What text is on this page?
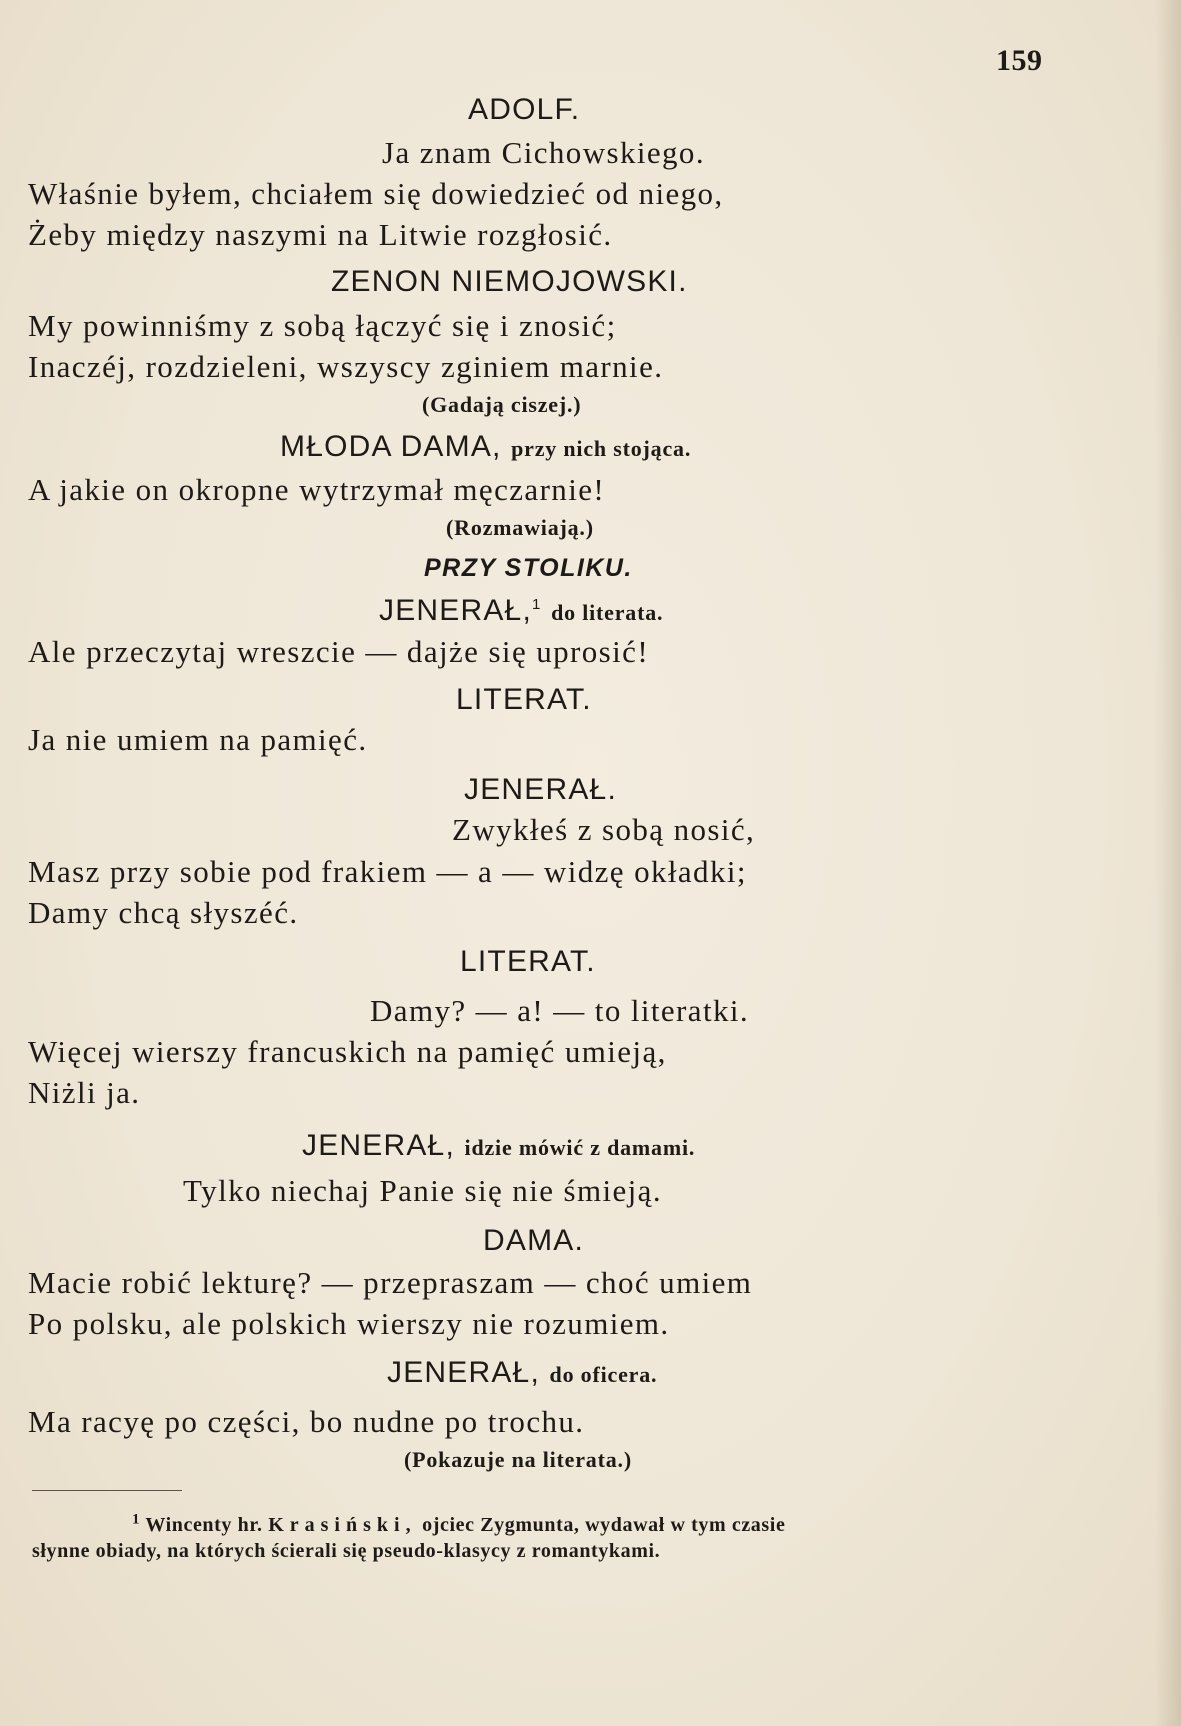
159
ADOLF.
Ja znam Cichowskiego.
Właśnie byłem, chciałem się dowiedzieć od niego,
Żeby między naszymi na Litwie rozgłosić.
ZENON NIEMOJOWSKI.
My powinniśmy z sobą łączyć się i znosić;
Inaczéj, rozdzieleni, wszyscy zginiem marnie.
(Gadają ciszej.)
MŁODA DAMA, przy nich stojąca.
A jakie on okropne wytrzymał męczarnie!
(Rozmawiają.)
PRZY STOLIKU.
JENERAŁ,$^1$ do literata.
Ale przeczytaj wreszcie — dajże się uprosić!
LITERAT.
Ja nie umiem na pamięć.
JENERAŁ.
Zwykłeś z sobą nosić,
Masz przy sobie pod frakiem — a — widzę okładki;
Damy chcą słyszéć.
LITERAT.
Damy? — a! — to literatki.
Więcej wierszy francuskich na pamięć umieją,
Niżli ja.
JENERAŁ, idzie mówić z damami.
Tylko niechaj Panie się nie śmieją.
DAMA.
Macie robić lekturę? — przepraszam — choć umiem
Po polsku, ale polskich wierszy nie rozumiem.
JENERAŁ, do oficera.
Ma racyę po części, bo nudne po trochu.
(Pokazuje na literata.)
$^1$ Wincenty hr. Krasiński, ojciec Zygmunta, wydawał w tym czasie
słynne obiady, na których ścierali się pseudo-klasycy z romantykami.
